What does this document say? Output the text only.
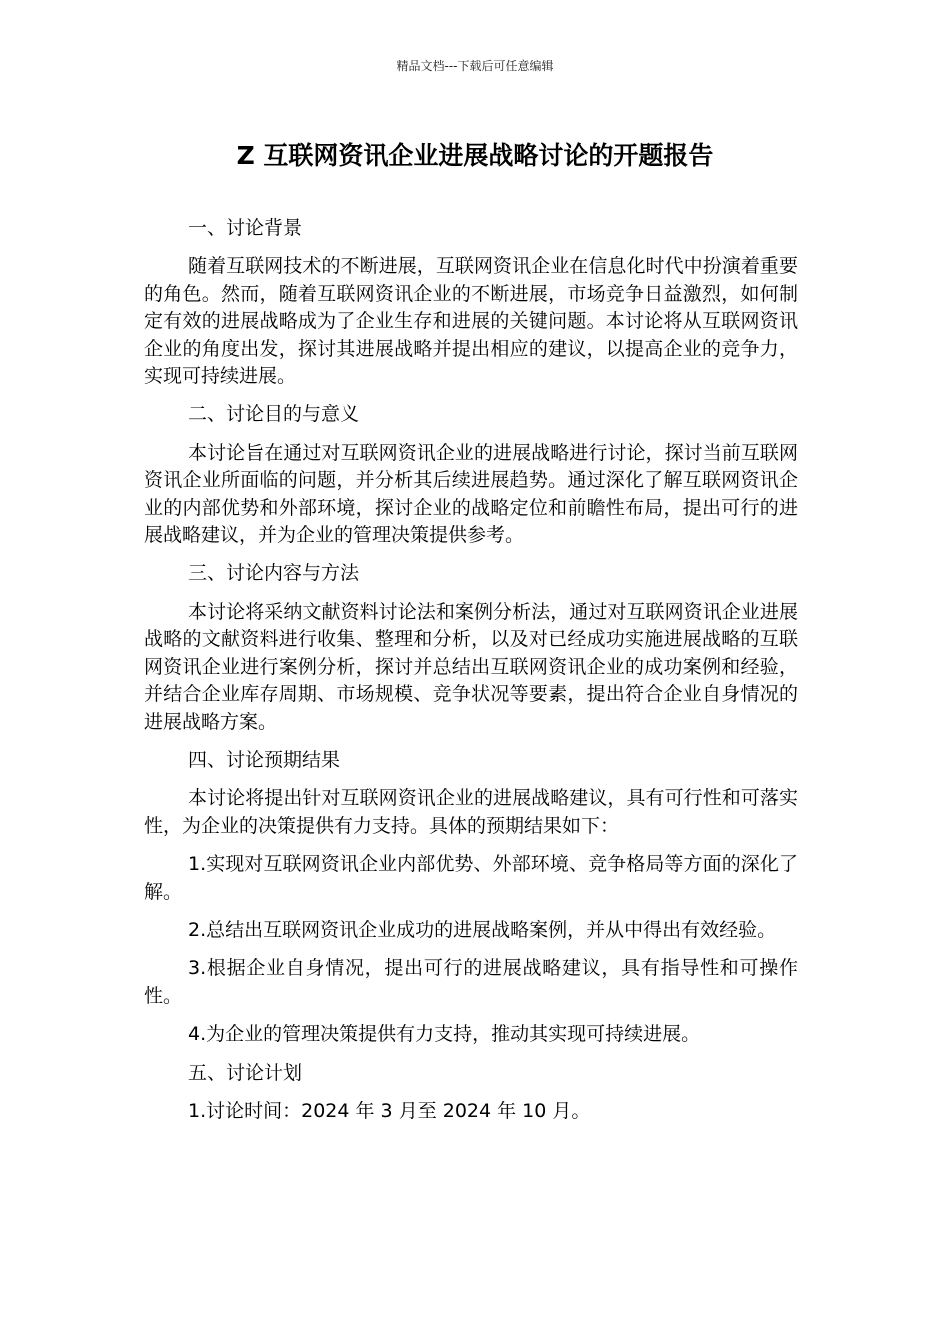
精品文档---下载后可任意编辑
Z 互联网资讯企业进展战略讨论的开题报告

一、讨论背景

随着互联网技术的不断进展，互联网资讯企业在信息化时代中扮演着重要的角色。然而，随着互联网资讯企业的不断进展，市场竞争日益激烈，如何制定有效的进展战略成为了企业生存和进展的关键问题。本讨论将从互联网资讯企业的角度出发，探讨其进展战略并提出相应的建议，以提高企业的竞争力，实现可持续进展。

二、讨论目的与意义

本讨论旨在通过对互联网资讯企业的进展战略进行讨论，探讨当前互联网资讯企业所面临的问题，并分析其后续进展趋势。通过深化了解互联网资讯企业的内部优势和外部环境，探讨企业的战略定位和前瞻性布局，提出可行的进展战略建议，并为企业的管理决策提供参考。

三、讨论内容与方法

本讨论将采纳文献资料讨论法和案例分析法，通过对互联网资讯企业进展战略的文献资料进行收集、整理和分析，以及对已经成功实施进展战略的互联网资讯企业进行案例分析，探讨并总结出互联网资讯企业的成功案例和经验，并结合企业库存周期、市场规模、竞争状况等要素，提出符合企业自身情况的进展战略方案。

四、讨论预期结果

本讨论将提出针对互联网资讯企业的进展战略建议，具有可行性和可落实性，为企业的决策提供有力支持。具体的预期结果如下：

1.实现对互联网资讯企业内部优势、外部环境、竞争格局等方面的深化了解。

2.总结出互联网资讯企业成功的进展战略案例，并从中得出有效经验。

3.根据企业自身情况，提出可行的进展战略建议，具有指导性和可操作性。

4.为企业的管理决策提供有力支持，推动其实现可持续进展。

五、讨论计划

1.讨论时间：2024 年 3 月至 2024 年 10 月。
